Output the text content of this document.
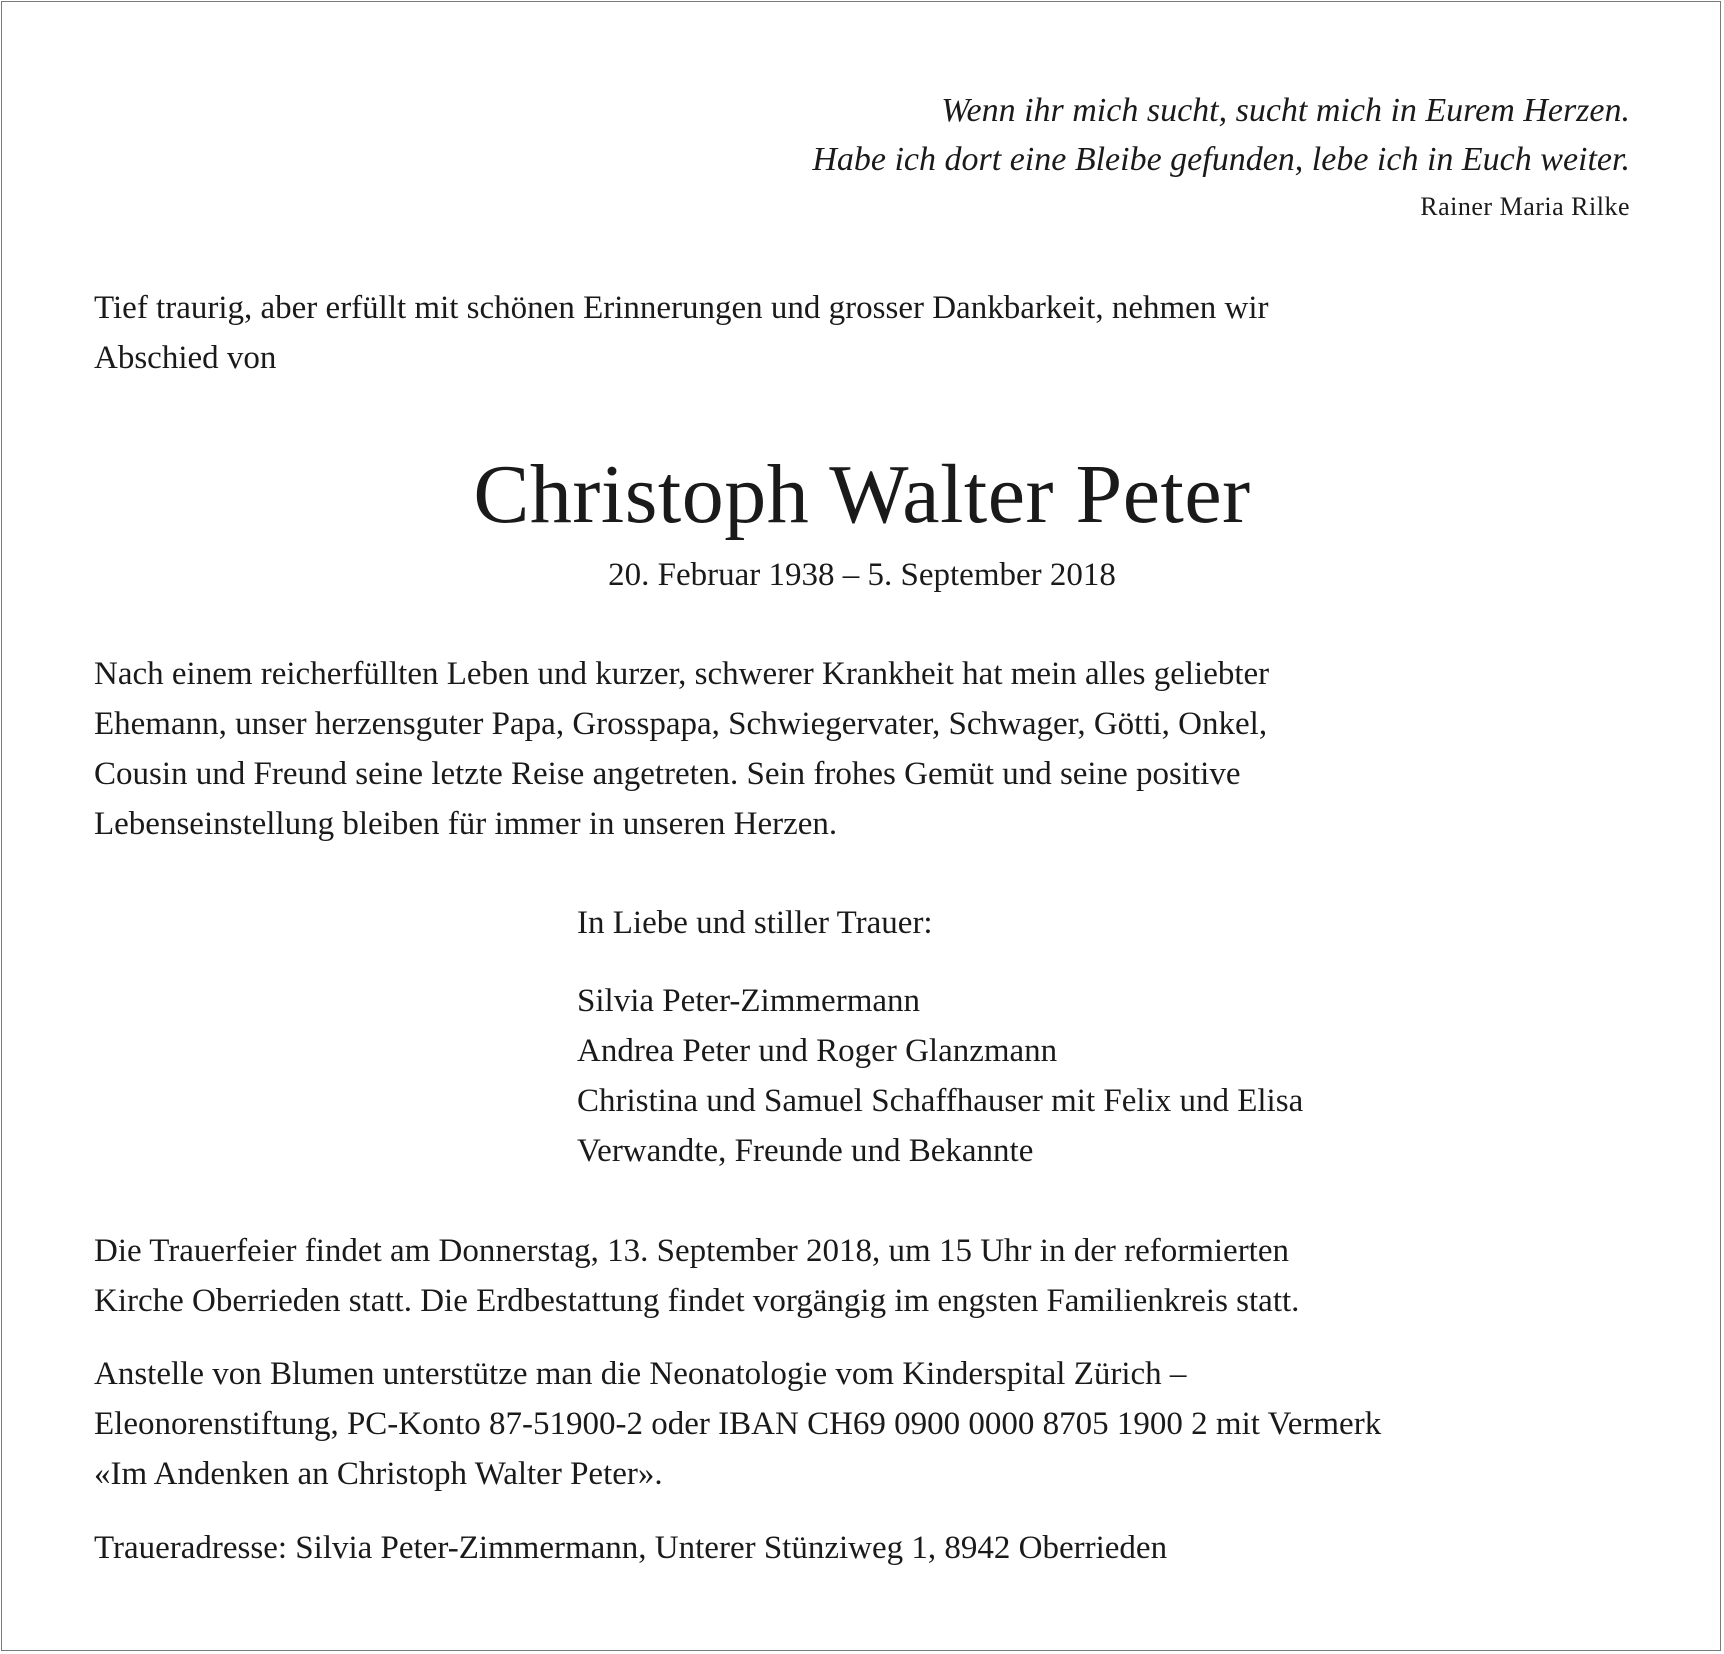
Wenn ihr mich sucht, sucht mich in Eurem Herzen.
Habe ich dort eine Bleibe gefunden, lebe ich in Euch weiter.
Rainer Maria Rilke
Tief traurig, aber erfüllt mit schönen Erinnerungen und grosser Dankbarkeit, nehmen wir
Abschied von
Christoph Walter Peter
20. Februar 1938 – 5. September 2018
Nach einem reicherfüllten Leben und kurzer, schwerer Krankheit hat mein alles geliebter
Ehemann, unser herzensguter Papa, Grosspapa, Schwiegervater, Schwager, Götti, Onkel,
Cousin und Freund seine letzte Reise angetreten. Sein frohes Gemüt und seine positive
Lebenseinstellung bleiben für immer in unseren Herzen.
In Liebe und stiller Trauer:
Silvia Peter-Zimmermann
Andrea Peter und Roger Glanzmann
Christina und Samuel Schaffhauser mit Felix und Elisa
Verwandte, Freunde und Bekannte
Die Trauerfeier findet am Donnerstag, 13. September 2018, um 15 Uhr in der reformierten
Kirche Oberrieden statt. Die Erdbestattung findet vorgängig im engsten Familienkreis statt.
Anstelle von Blumen unterstütze man die Neonatologie vom Kinderspital Zürich –
Eleonorenstiftung, PC-Konto 87-51900-2 oder IBAN CH69 0900 0000 8705 1900 2 mit Vermerk
«Im Andenken an Christoph Walter Peter».
Traueradresse: Silvia Peter-Zimmermann, Unterer Stünziweg 1, 8942 Oberrieden
